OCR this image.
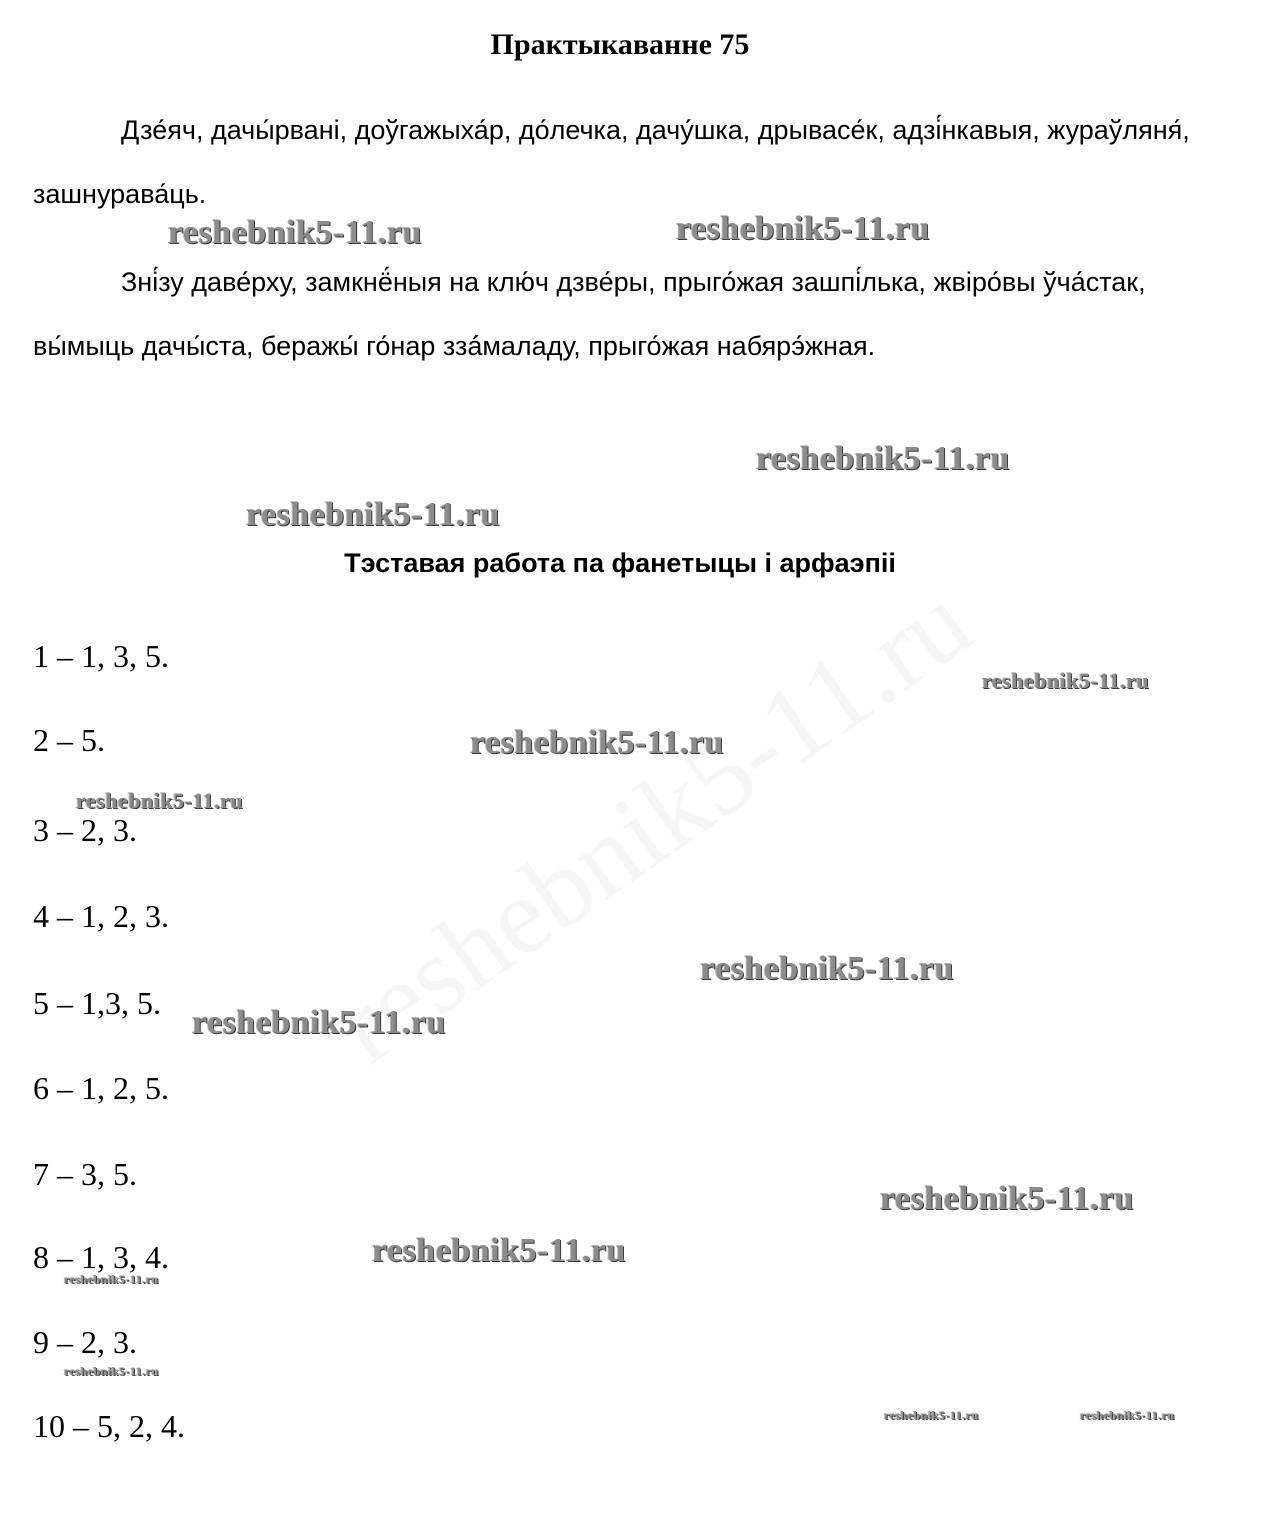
Практыкаванне 75

Дзе́яч, дачы́рвані, доўгажыха́р, до́лечка, дачу́шка, дрывасе́к, адзі́нкавыя, жураўляня́, зашнурава́ць.

Зні́зу даве́рху, замкнё́ныя на клю́ч дзве́ры, прыго́жая зашпі́лька, жвіро́вы ўча́стак, вы́мыць дачы́ста, беражы́ го́нар ззá́маладу, прыго́жая набярэ́жная.

Тэставая работа па фанетыцы і арфаэпіі
1 – 1, 3, 5.
2 – 5.
3 – 2, 3.
4 – 1, 2, 3.
5 – 1,3, 5.
6 – 1, 2, 5.
7 – 3, 5.
8 – 1, 3, 4.
9 – 2, 3.
10 – 5, 2, 4.
reshebnik5-11.ru	reshebnik5-11.ru
reshebnik5-11.ru
reshebnik5-11.ru
reshebnik5-11.ru
reshebnik5-11.ru
reshebnik5-11.ru
reshebnik5-11.ru
reshebnik5-11.ru
reshebnik5-11.ru
reshebnik5-11.ru
reshebnik5-11.ru
reshebnik5-11.ru
reshebnik5-11.ru	reshebnik5-11.ru
